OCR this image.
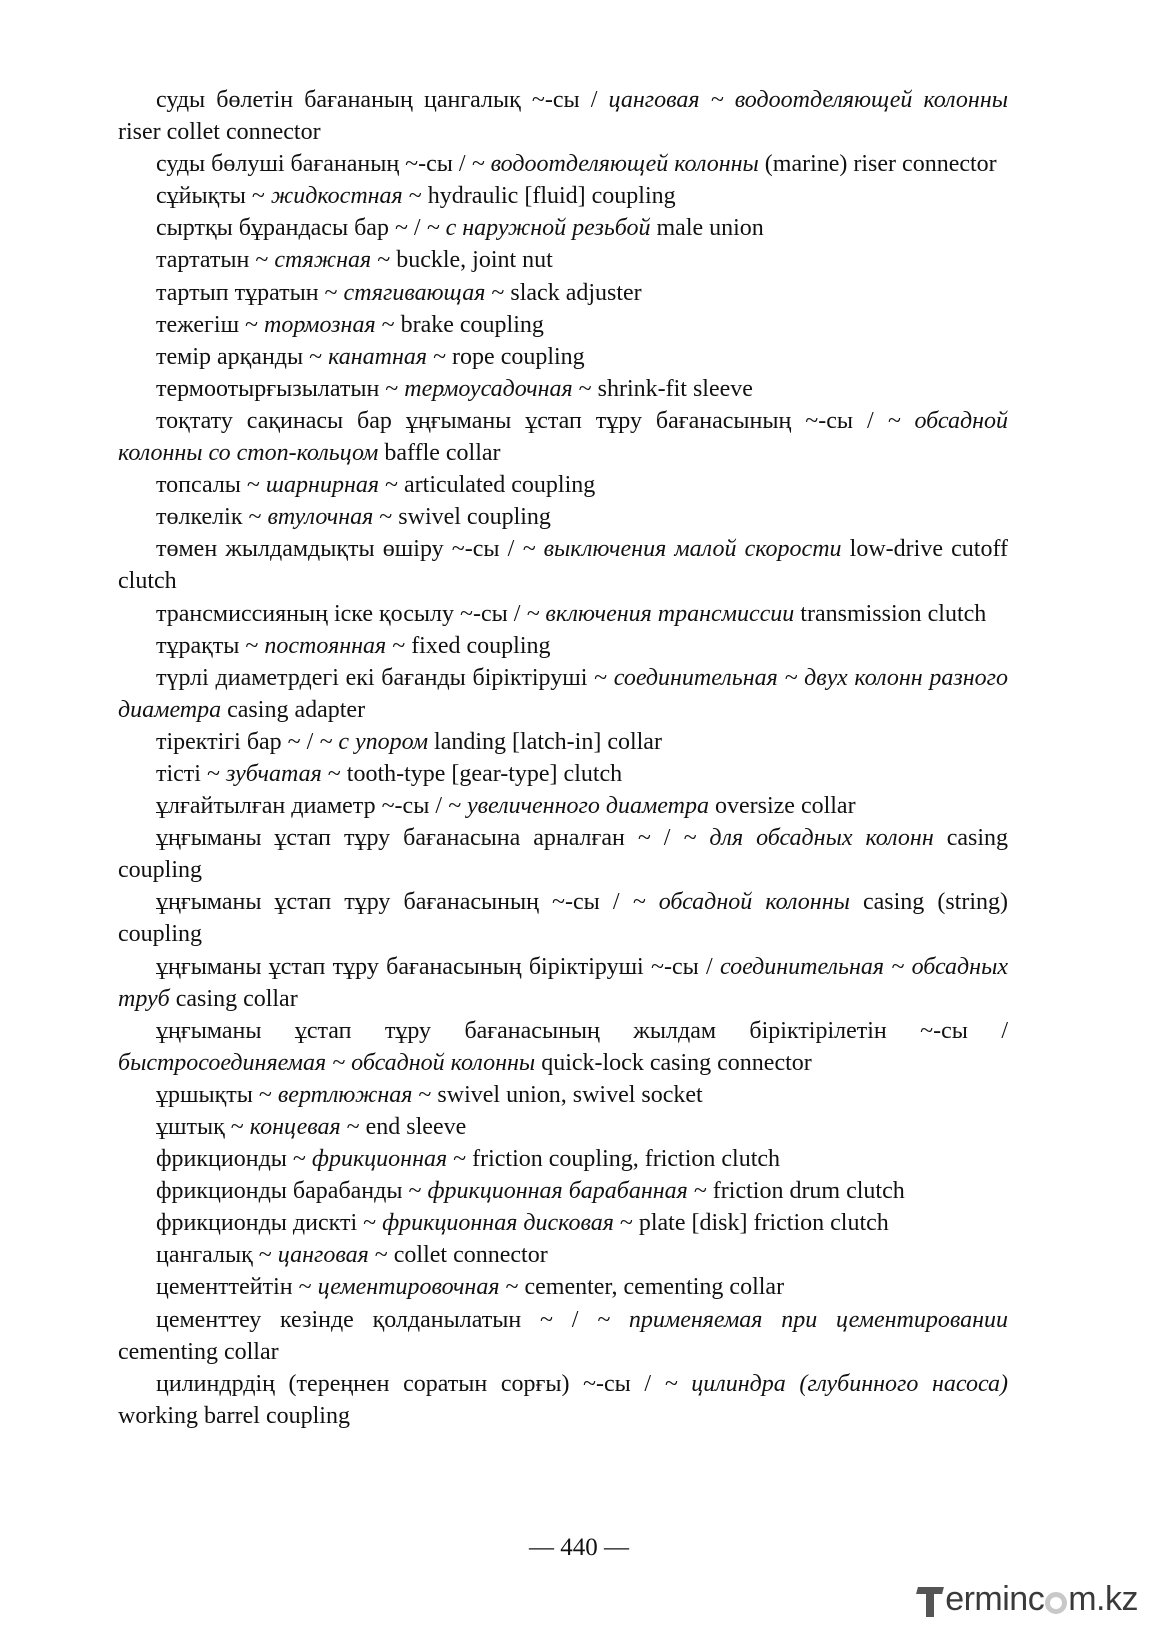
суды бөлетін бағананың цангалық ~-сы / цанговая ~ водоотделяющей колонны riser collet connector

суды бөлуші бағананың ~-сы / ~ водоотделяющей колонны (marine) riser connector

сұйықты ~ жидкостная ~ hydraulic [fluid] coupling

сыртқы бұрандасы бар ~ / ~ с наружной резьбой male union

тартатын ~ стяжная ~ buckle, joint nut

тартып тұратын ~ стягивающая ~ slack adjuster

тежегіш ~ тормозная ~ brake coupling

темір арқанды ~ канатная ~ rope coupling

термоотырғызылатын ~ термоусадочная ~ shrink-fit sleeve

тоқтату сақинасы бар ұңғыманы ұстап тұру бағанасының ~-сы / ~ обсадной колонны со стоп-кольцом baffle collar

топсалы ~ шарнирная ~ articulated coupling

төлкелік ~ втулочная ~ swivel coupling

төмен жылдамдықты өшіру ~-сы / ~ выключения малой скорости low-drive cutoff clutch

трансмиссияның іске қосылу ~-сы / ~ включения трансмиссии transmission clutch

тұрақты ~ постоянная ~ fixed coupling

түрлі диаметрдегі екі бағанды біріктіруші ~ соединительная ~ двух колонн разного диаметра casing adapter

тіректігі бар ~ / ~ с упором landing [latch-in] collar

тісті ~ зубчатая ~ tooth-type [gear-type] clutch

ұлғайтылған диаметр ~-сы / ~ увеличенного диаметра oversize collar

ұңғыманы ұстап тұру бағанасына арналған ~ / ~ для обсадных колонн casing coupling

ұңғыманы ұстап тұру бағанасының ~-сы / ~ обсадной колонны casing (string) coupling

ұңғыманы ұстап тұру бағанасының біріктіруші ~-сы / соединительная ~ обсадных труб casing collar

ұңғыманы ұстап тұру бағанасының жылдам біріктірілетін ~-сы / быстросоединяемая ~ обсадной колонны quick-lock casing connector

ұршықты ~ вертлюжная ~ swivel union, swivel socket

ұштық ~ концевая ~ end sleeve

фрикционды ~ фрикционная ~ friction coupling, friction clutch

фрикционды барабанды ~ фрикционная барабанная ~ friction drum clutch

фрикционды дискті ~ фрикционная дисковая ~ plate [disk] friction clutch

цангалық ~ цанговая ~ collet connector

цементтейтін ~ цементировочная ~ cementer, cementing collar

цементтеу кезінде қолданылатын ~ / ~ применяемая при цементировании cementing collar

цилиндрдің (тереңнен соратын сорғы) ~-сы / ~ цилиндра (глубинного насоса) working barrel coupling

— 440 —
erminc m.kz
